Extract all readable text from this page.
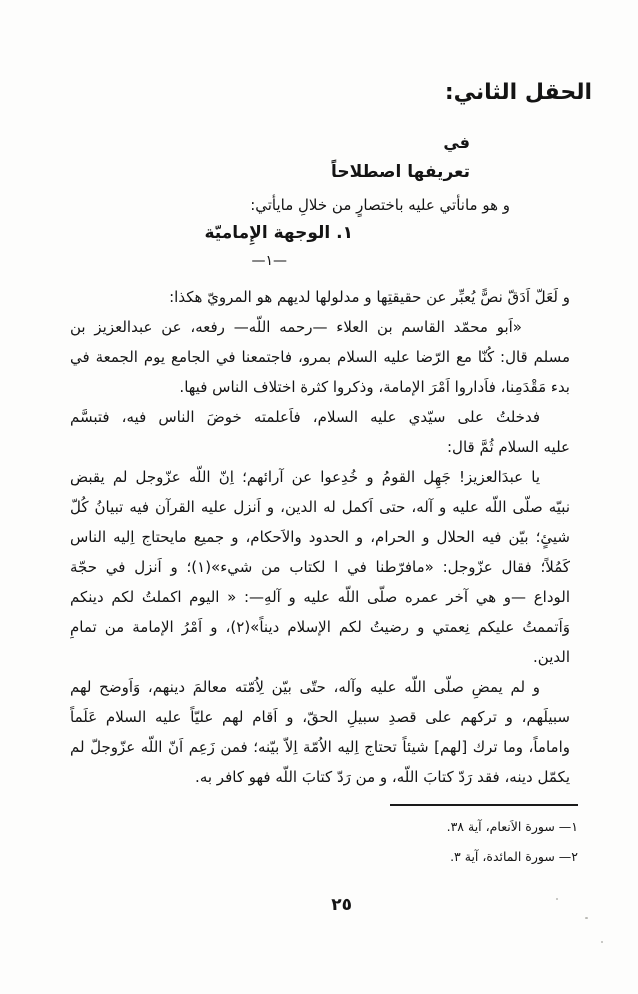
الحقل الثاني:
في
تعريفها اصطلاحاً
و هو مانأتي عليه باختصارٍ من خلالِ مايأتي:
١. الوجهة الإِماميّة
—١—
و لَعَلّ اَدَقّ نصًّ يُعبِّر عن حقيقتِها و مدلولها لديهم هو المرويّ هكذا:
«اَبو محمّد القاسم بن العلاء —رحمه اللّه— رفعه، عن عبدالعزيز بن
مسلم قال: كُنّا مع الرّضا عليه السلام بمرو، فاجتمعنا في الجامع يوم الجمعة في
بدء مَقْدَمِنا، فاَداروا اَمْرَ الإمامة، وذكروا كثرة اختلاف الناس فيها.
فدخلتُ على سيّدي عليه السلام، فاَعلمته خوضَ الناس فيه، فتبسَّم
عليه السلام ثُمَّ قال:
يا عبدَالعزيز! جَهِل القومُ و خُدِعوا عن آرائهم؛ اِنّ اللّه عزّوجل لم يقبض
نبيّه صلّى اللّه عليه و آله، حتى اَكمل له الدين، و اَنزل عليه القرآن فيه تبيانُ كُلّ
شيئٍ؛ بيّن فيه الحلال و الحرام، و الحدود والاَحكام، و جميع مايحتاج اِليه الناس
كَمُلاً؛ فقال عزّوجل: «مافرّطنا في ا لكتاب من شيء»(١)؛ و اَنزل في حجّة
الوداع —و هي آخر عمره صلّى اللّه عليه و آلهِ—: « اليوم اكملتُ لكم دينكم
وَاَتممتُ عليكم نِعمتي و رضيتُ لكم الإسلام ديناً»(٢)، و اَمْرُ الإمامة من تمامِ
الدين.
و لم يمضِ صلّى اللّه عليه وآله، حتّى بيّن لِاُمّته معالمَ دينهم، وَاَوضح لهم
سبيلَهم، و تركهم على قصدِ سبيلِ الحقّ، و اَقام لهم عليّاً عليه السلام عَلَماً
واماماً، وما ترك [لهم] شيئاً تحتاج اِليه الاُمّة اِلاّ بيّنه؛ فمن زَعِم اَنّ اللّه عزّوجلّ لم
يكمّل دينه، فقد رَدّ كتابَ اللّه، و من رَدّ كتابَ اللّه فهو كافر به.
١— سورة الاَنعام، آية ٣٨.
٢— سورة المائدة، آية ٣.
٢٥
